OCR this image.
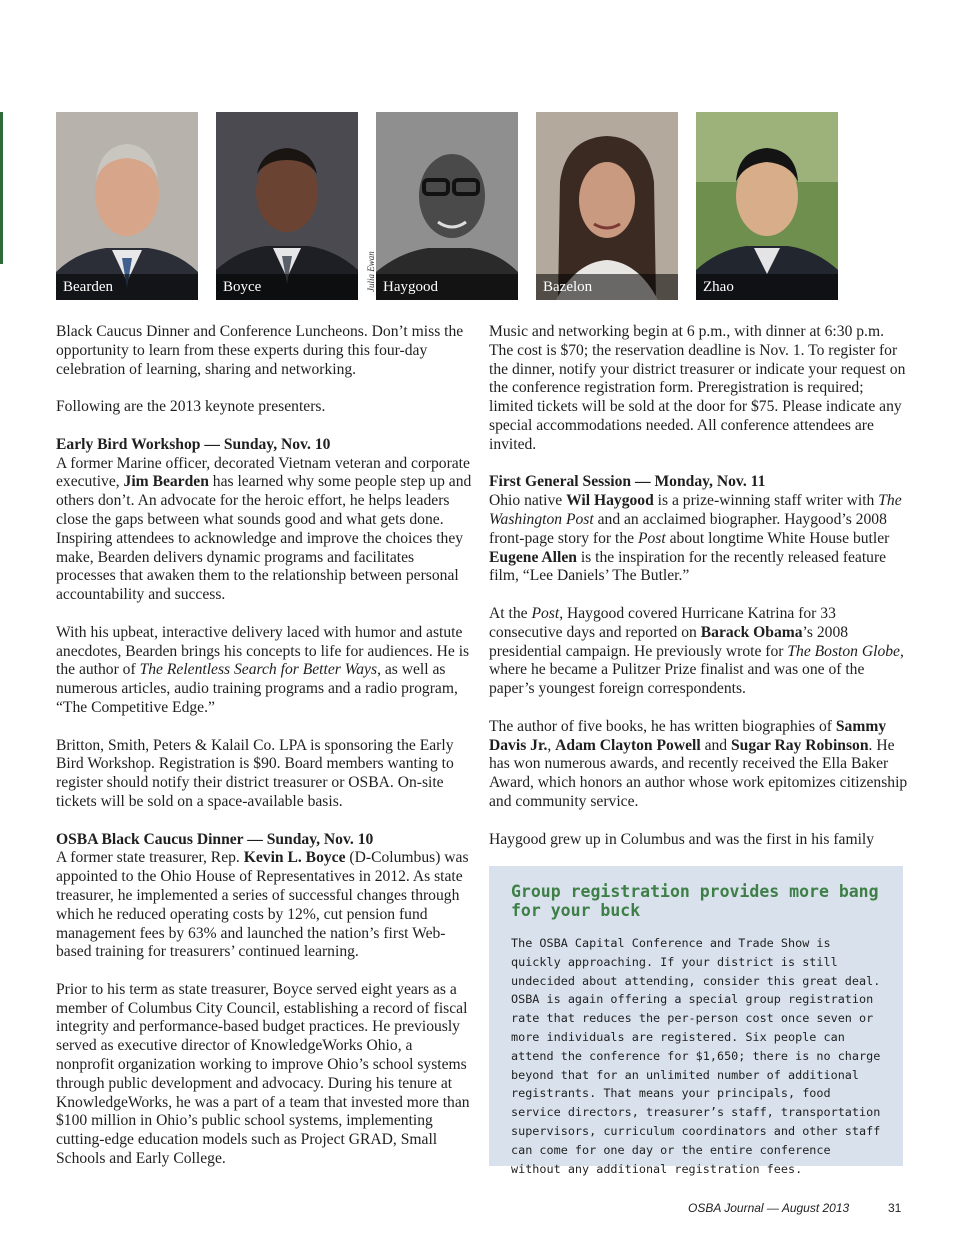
Bearden	Boyce	Haygood	Bazelon	Zhao
Julia Ewan

Black Caucus Dinner and Conference Luncheons. Don’t miss the opportunity to learn from these experts during this four-day celebration of learning, sharing and networking.

Following are the 2013 keynote presenters.

Early Bird Workshop — Sunday, Nov. 10

A former Marine officer, decorated Vietnam veteran and corporate executive, Jim Bearden has learned why some people step up and others don’t. An advocate for the heroic effort, he helps leaders close the gaps between what sounds good and what gets done. Inspiring attendees to acknowledge and improve the choices they make, Bearden delivers dynamic programs and facilitates processes that awaken them to the relationship between personal accountability and success.

With his upbeat, interactive delivery laced with humor and astute anecdotes, Bearden brings his concepts to life for audiences. He is the author of The Relentless Search for Better Ways, as well as numerous articles, audio training programs and a radio program, “The Competitive Edge.”

Britton, Smith, Peters & Kalail Co. LPA is sponsoring the Early Bird Workshop. Registration is $90. Board members wanting to register should notify their district treasurer or OSBA. On-site tickets will be sold on a space-available basis.

OSBA Black Caucus Dinner — Sunday, Nov. 10

A former state treasurer, Rep. Kevin L. Boyce (D-Columbus) was appointed to the Ohio House of Representatives in 2012. As state treasurer, he implemented a series of successful changes through which he reduced operating costs by 12%, cut pension fund management fees by 63% and launched the nation’s first Web-based training for treasurers’ continued learning.

Prior to his term as state treasurer, Boyce served eight years as a member of Columbus City Council, establishing a record of fiscal integrity and performance-based budget practices. He previously served as executive director of KnowledgeWorks Ohio, a nonprofit organization working to improve Ohio’s school systems through public development and advocacy. During his tenure at KnowledgeWorks, he was a part of a team that invested more than $100 million in Ohio’s public school systems, implementing cutting-edge education models such as Project GRAD, Small Schools and Early College.

Music and networking begin at 6 p.m., with dinner at 6:30 p.m. The cost is $70; the reservation deadline is Nov. 1. To register for the dinner, notify your district treasurer or indicate your request on the conference registration form. Preregistration is required; limited tickets will be sold at the door for $75. Please indicate any special accommodations needed. All conference attendees are invited.

First General Session — Monday, Nov. 11

Ohio native Wil Haygood is a prize-winning staff writer with The Washington Post and an acclaimed biographer. Haygood’s 2008 front-page story for the Post about longtime White House butler Eugene Allen is the inspiration for the recently released feature film, “Lee Daniels’ The Butler.”

At the Post, Haygood covered Hurricane Katrina for 33 consecutive days and reported on Barack Obama’s 2008 presidential campaign. He previously wrote for The Boston Globe, where he became a Pulitzer Prize finalist and was one of the paper’s youngest foreign correspondents.

The author of five books, he has written biographies of Sammy Davis Jr., Adam Clayton Powell and Sugar Ray Robinson. He has won numerous awards, and recently received the Ella Baker Award, which honors an author whose work epitomizes citizenship and community service.

Haygood grew up in Columbus and was the first in his family

Group registration provides more bang for your buck

The OSBA Capital Conference and Trade Show is quickly approaching. If your district is still undecided about attending, consider this great deal. OSBA is again offering a special group registration rate that reduces the per-person cost once seven or more individuals are registered. Six people can attend the conference for $1,650; there is no charge beyond that for an unlimited number of additional registrants. That means your principals, food service directors, treasurer’s staff, transportation supervisors, curriculum coordinators and other staff can come for one day or the entire conference without any additional registration fees.

OSBA Journal — August 2013	31
